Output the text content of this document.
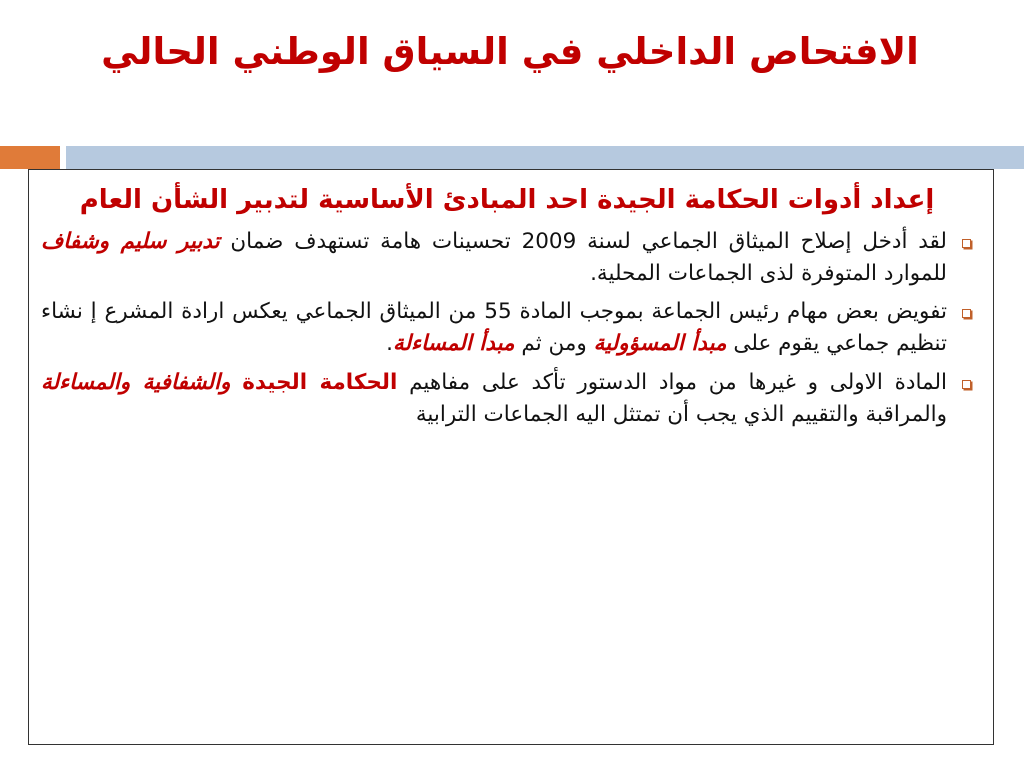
الافتحاص الداخلي في السياق الوطني الحالي

إعداد أدوات الحكامة الجيدة احد المبادئ الأساسية لتدبير الشأن العام

لقد أدخل إصلاح الميثاق الجماعي لسنة 2009 تحسينات هامة تستهدف ضمان تدبير سليم وشفاف للموارد المتوفرة لذى الجماعات المحلية.
تفويض بعض مهام رئيس الجماعة بموجب المادة 55 من الميثاق الجماعي يعكس ارادة المشرع إ نشاء تنظيم جماعي يقوم على مبدأ المسؤولية ومن ثم مبدأ المساءلة.
المادة الاولى و غيرها من مواد الدستور تأكد على مفاهيم الحكامة الجيدة والشفافية والمساءلة والمراقبة والتقييم الذي يجب أن تمتثل اليه الجماعات الترابية
